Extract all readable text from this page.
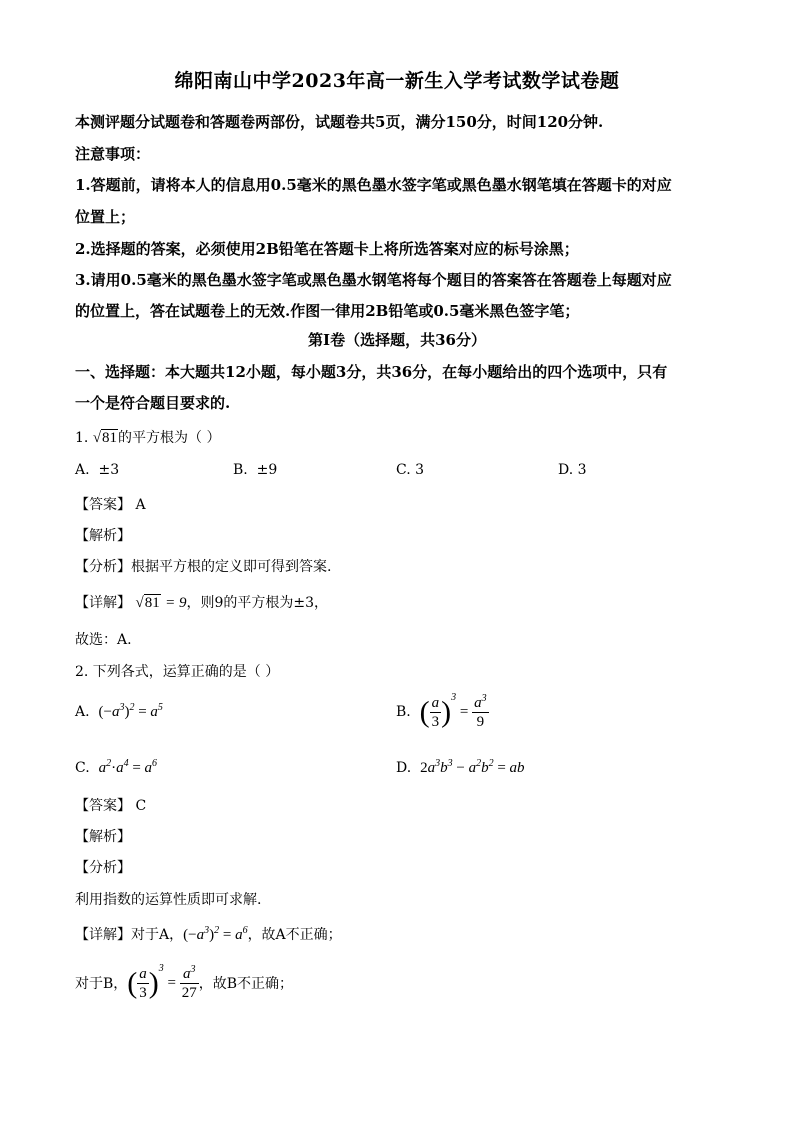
绵阳南山中学2023年高一新生入学考试数学试卷题
本测评题分试题卷和答题卷两部份，试题卷共5页，满分150分，时间120分钟.
注意事项：
1.答题前，请将本人的信息用0.5毫米的黑色墨水签字笔或黑色墨水钢笔填在答题卡的对应
位置上；
2.选择题的答案，必须使用2B铅笔在答题卡上将所选答案对应的标号涂黑；
3.请用0.5毫米的黑色墨水签字笔或黑色墨水钢笔将每个题目的答案答在答题卷上每题对应
的位置上，答在试题卷上的无效.作图一律用2B铅笔或0.5毫米黑色签字笔；
第Ⅰ卷（选择题，共36分）
一、选择题：本大题共12小题，每小题3分，共36分，在每小题给出的四个选项中，只有
一个是符合题目要求的.
1. √81的平方根为（ ）
A. ±3	B. ±9	C. 3	D. 3
【答案】 A
【解析】
【分析】根据平方根的定义即可得到答案.
【详解】 √81 = 9，则9的平方根为±3，
故选：A.
2. 下列各式，运算正确的是（ ）
A. $(-a^3)^2 = a^5$	B. ( $\frac{a}{3} )^3 = \frac{a^3}{9}$
C. $a^2\cdot a^4 = a^6$	D. $2a^3b^3 - a^2b^2$ = ab
【答案】 C
【解析】
【分析】
利用指数的运算性质即可求解.
【详解】对于A，$(-a^3)^2 = a^6$，故A不正确；
对于B，( $\frac{a}{3} )^3 = \frac{a^3}{27}$ ，故B不正确；
